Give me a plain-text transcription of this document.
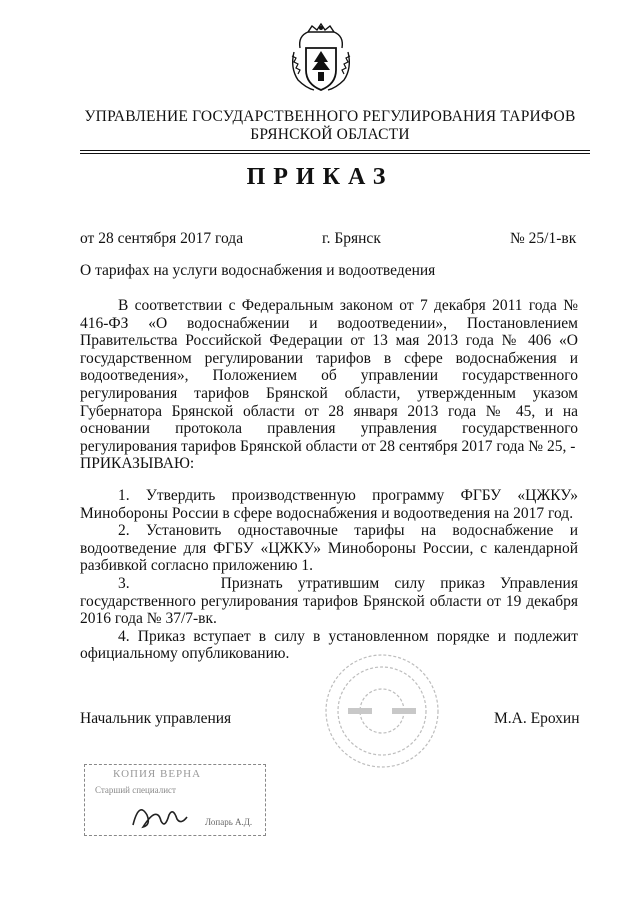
УПРАВЛЕНИЕ ГОСУДАРСТВЕННОГО РЕГУЛИРОВАНИЯ ТАРИФОВ
БРЯНСКОЙ ОБЛАСТИ
ПРИКАЗ
от 28 сентября 2017 года	г. Брянск	№ 25/1-вк
О тарифах на услуги водоснабжения и водоотведения

В соответствии с Федеральным законом от 7 декабря 2011 года № 416-ФЗ «О водоснабжении и водоотведении», Постановлением Правительства Российской Федерации от 13 мая 2013 года № 406 «О государственном регулировании тарифов в сфере водоснабжения и водоотведения», Положением об управлении государственного регулирования тарифов Брянской области, утвержденным указом Губернатора Брянской области от 28 января 2013 года № 45, и на основании протокола правления управления государственного регулирования тарифов Брянской области от 28 сентября 2017 года № 25, -

ПРИКАЗЫВАЮ:

1. Утвердить производственную программу ФГБУ «ЦЖКУ» Минобороны России в сфере водоснабжения и водоотведения на 2017 год.

2. Установить одноставочные тарифы на водоснабжение и водоотведение для ФГБУ «ЦЖКУ» Минобороны России, с календарной разбивкой согласно приложению 1.

3.      Признать утратившим силу приказ Управления государственного регулирования тарифов Брянской области от 19 декабря 2016 года № 37/7-вк.

4. Приказ вступает в силу в установленном порядке и подлежит официальному опубликованию.

Начальник управления	М.А. Ерохин
КОПИЯ ВЕРНА
Старший специалист
Лопарь А.Д.
